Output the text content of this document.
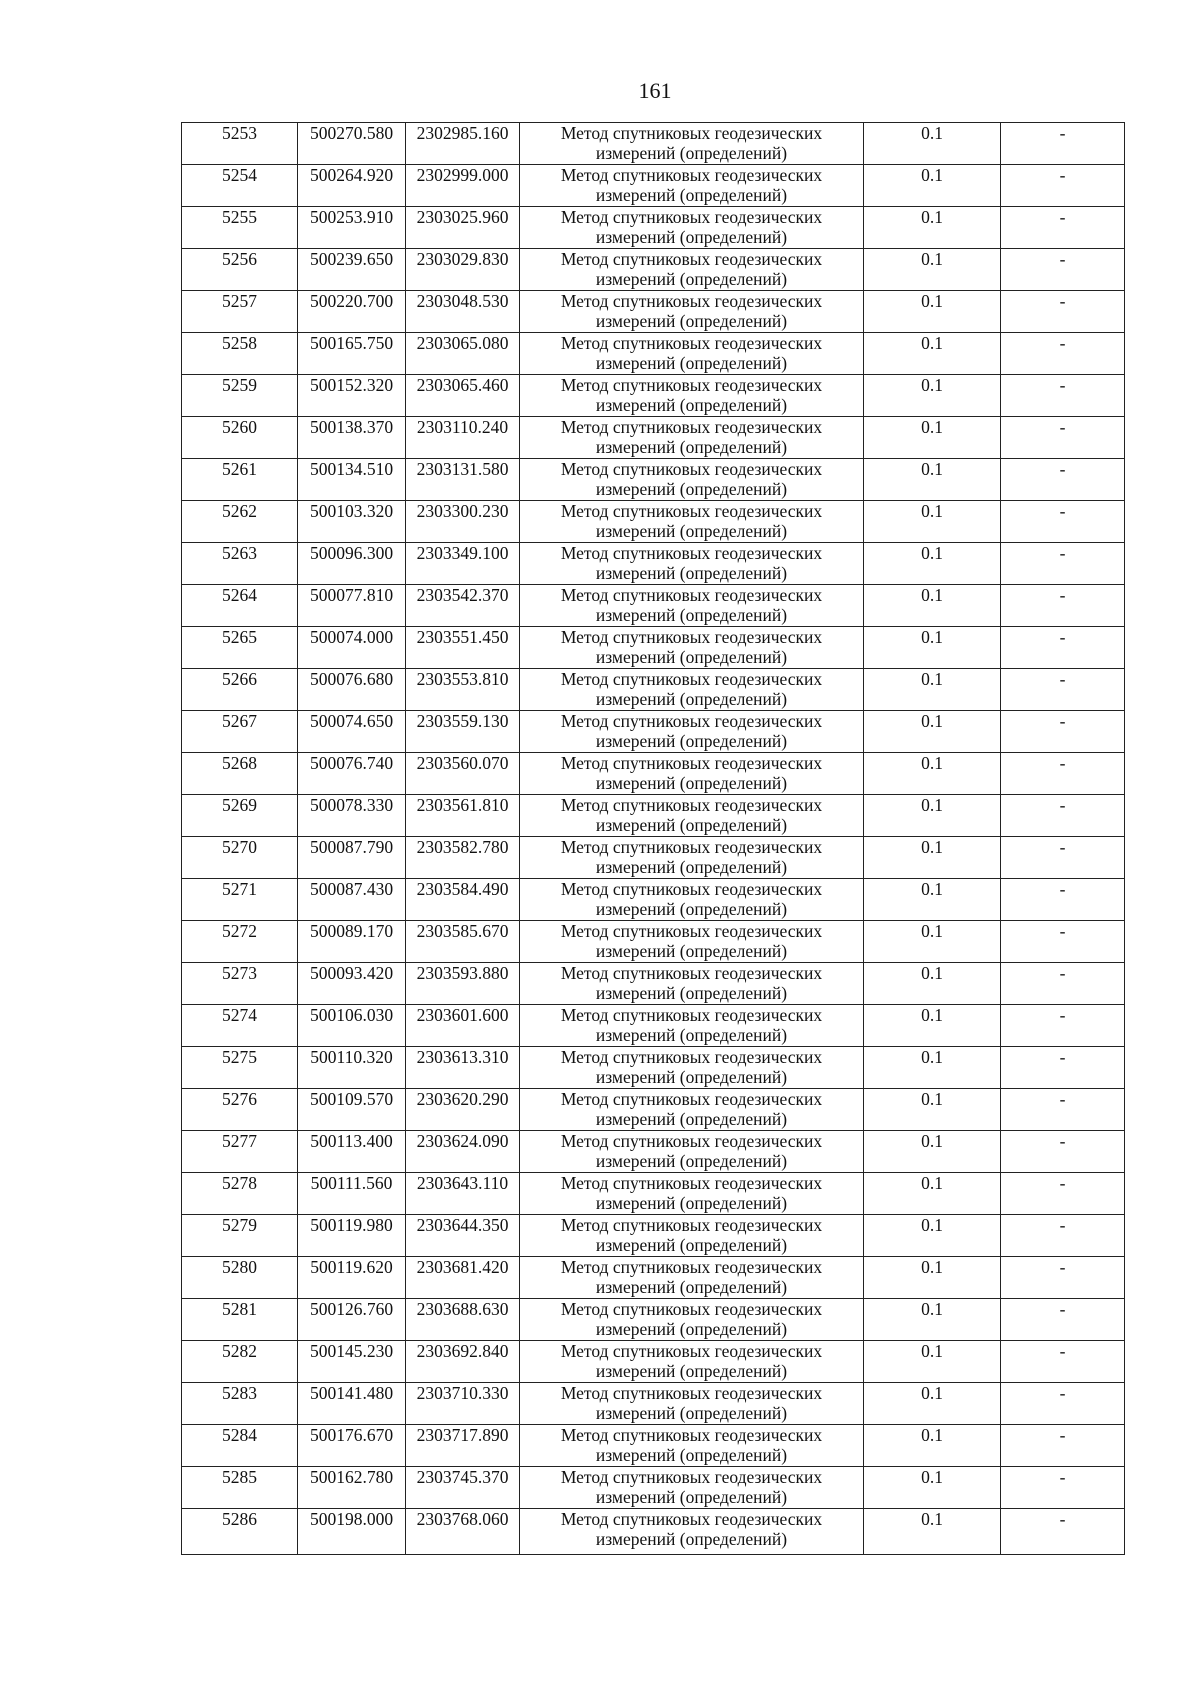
161
5253	500270.580	2302985.160	Метод спутниковых геодезических измерений (определений)	0.1	-
5254	500264.920	2302999.000	Метод спутниковых геодезических измерений (определений)	0.1	-
5255	500253.910	2303025.960	Метод спутниковых геодезических измерений (определений)	0.1	-
5256	500239.650	2303029.830	Метод спутниковых геодезических измерений (определений)	0.1	-
5257	500220.700	2303048.530	Метод спутниковых геодезических измерений (определений)	0.1	-
5258	500165.750	2303065.080	Метод спутниковых геодезических измерений (определений)	0.1	-
5259	500152.320	2303065.460	Метод спутниковых геодезических измерений (определений)	0.1	-
5260	500138.370	2303110.240	Метод спутниковых геодезических измерений (определений)	0.1	-
5261	500134.510	2303131.580	Метод спутниковых геодезических измерений (определений)	0.1	-
5262	500103.320	2303300.230	Метод спутниковых геодезических измерений (определений)	0.1	-
5263	500096.300	2303349.100	Метод спутниковых геодезических измерений (определений)	0.1	-
5264	500077.810	2303542.370	Метод спутниковых геодезических измерений (определений)	0.1	-
5265	500074.000	2303551.450	Метод спутниковых геодезических измерений (определений)	0.1	-
5266	500076.680	2303553.810	Метод спутниковых геодезических измерений (определений)	0.1	-
5267	500074.650	2303559.130	Метод спутниковых геодезических измерений (определений)	0.1	-
5268	500076.740	2303560.070	Метод спутниковых геодезических измерений (определений)	0.1	-
5269	500078.330	2303561.810	Метод спутниковых геодезических измерений (определений)	0.1	-
5270	500087.790	2303582.780	Метод спутниковых геодезических измерений (определений)	0.1	-
5271	500087.430	2303584.490	Метод спутниковых геодезических измерений (определений)	0.1	-
5272	500089.170	2303585.670	Метод спутниковых геодезических измерений (определений)	0.1	-
5273	500093.420	2303593.880	Метод спутниковых геодезических измерений (определений)	0.1	-
5274	500106.030	2303601.600	Метод спутниковых геодезических измерений (определений)	0.1	-
5275	500110.320	2303613.310	Метод спутниковых геодезических измерений (определений)	0.1	-
5276	500109.570	2303620.290	Метод спутниковых геодезических измерений (определений)	0.1	-
5277	500113.400	2303624.090	Метод спутниковых геодезических измерений (определений)	0.1	-
5278	500111.560	2303643.110	Метод спутниковых геодезических измерений (определений)	0.1	-
5279	500119.980	2303644.350	Метод спутниковых геодезических измерений (определений)	0.1	-
5280	500119.620	2303681.420	Метод спутниковых геодезических измерений (определений)	0.1	-
5281	500126.760	2303688.630	Метод спутниковых геодезических измерений (определений)	0.1	-
5282	500145.230	2303692.840	Метод спутниковых геодезических измерений (определений)	0.1	-
5283	500141.480	2303710.330	Метод спутниковых геодезических измерений (определений)	0.1	-
5284	500176.670	2303717.890	Метод спутниковых геодезических измерений (определений)	0.1	-
5285	500162.780	2303745.370	Метод спутниковых геодезических измерений (определений)	0.1	-
5286	500198.000	2303768.060	Метод спутниковых геодезических измерений (определений)	0.1	-
